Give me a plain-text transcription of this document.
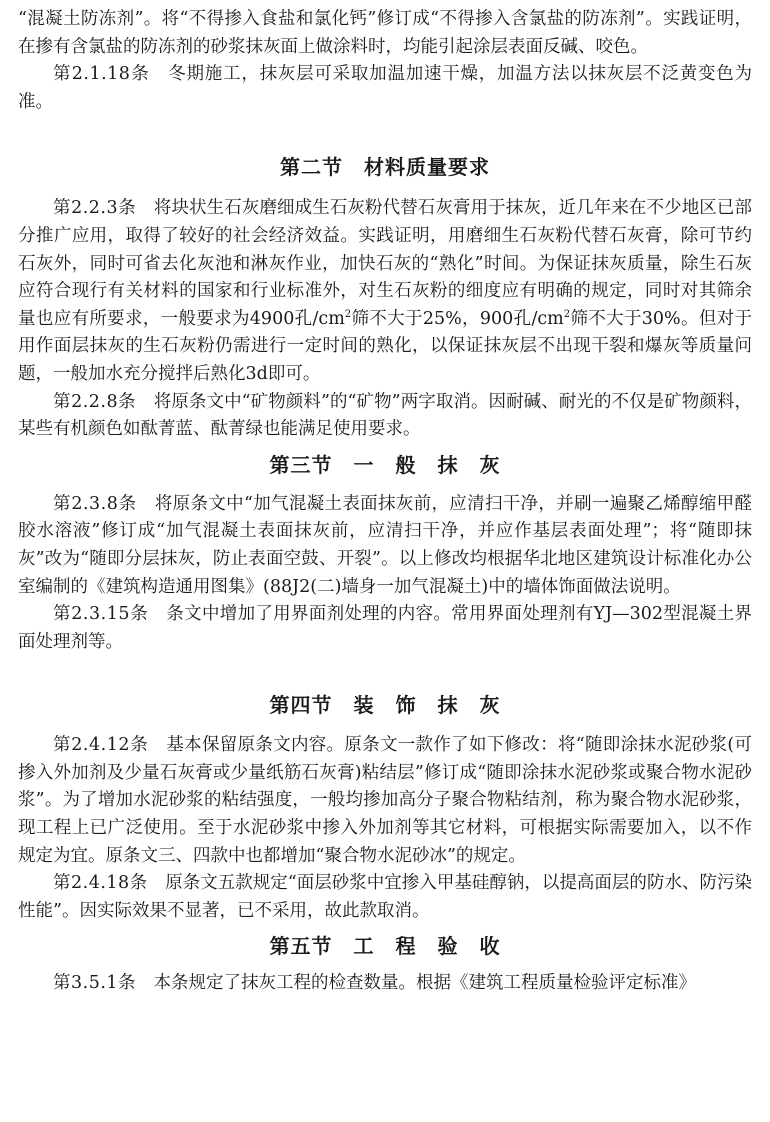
“混凝土防冻剂”。将“不得掺入食盐和氯化钙”修订成“不得掺入含氯盐的防冻剂”。实践证明，在掺有含氯盐的防冻剂的砂浆抹灰面上做涂料时，均能引起涂层表面反碱、咬色。

第2.1.18条　 冬期施工，抹灰层可采取加温加速干燥，加温方法以抹灰层不泛黄变色为准。

第二节　材料质量要求

第2.2.3条　 将块状生石灰磨细成生石灰粉代替石灰膏用于抹灰，近几年来在不少地区已部分推广应用，取得了较好的社会经济效益。实践证明，用磨细生石灰粉代替石灰膏，除可节约石灰外，同时可省去化灰池和淋灰作业，加快石灰的“熟化”时间。为保证抹灰质量，除生石灰应符合现行有关材料的国家和行业标准外，对生石灰粉的细度应有明确的规定，同时对其筛余量也应有所要求，一般要求为4900孔$/cm^2$筛不大于25%，900孔$/cm^2$筛不大于30%。但对于用作面层抹灰的生石灰粉仍需进行一定时间的熟化，以保证抹灰层不出现干裂和爆灰等质量问题，一般加水充分搅拌后熟化3d即可。

第2.2.8条　 将原条文中“矿物颜料”的“矿物”两字取消。因耐碱、耐光的不仅是矿物颜料，某些有机颜色如酞菁蓝、酞菁绿也能满足使用要求。

第三节　一　般　抹　灰

第2.3.8条　 将原条文中“加气混凝土表面抹灰前，应清扫干净，并刷一遍聚乙烯醇缩甲醛胶水溶液”修订成“加气混凝土表面抹灰前，应清扫干净，并应作基层表面处理”；将“随即抹灰”改为“随即分层抹灰，防止表面空鼓、开裂”。以上修改均根据华北地区建筑设计标准化办公室编制的《建筑构造通用图集》(88J2(二)墙身一加气混凝土)中的墙体饰面做法说明。

第2.3.15条　 条文中增加了用界面剂处理的内容。常用界面处理剂有YJ—302型混凝土界面处理剂等。

第四节　装　饰　抹　灰

第2.4.12条　 基本保留原条文内容。原条文一款作了如下修改：将“随即涂抹水泥砂浆(可掺入外加剂及少量石灰膏或少量纸筋石灰膏)粘结层”修订成“随即涂抹水泥砂浆或聚合物水泥砂浆”。为了增加水泥砂浆的粘结强度，一般均掺加高分子聚合物粘结剂，称为聚合物水泥砂浆，现工程上已广泛使用。至于水泥砂浆中掺入外加剂等其它材料，可根据实际需要加入，以不作规定为宜。原条文三、四款中也都增加“聚合物水泥砂冰”的规定。

第2.4.18条　 原条文五款规定“面层砂浆中宜掺入甲基硅醇钠，以提高面层的防水、防污染性能”。因实际效果不显著，已不采用，故此款取消。

第五节　工　程　验　收

第3.5.1条　 本条规定了抹灰工程的检查数量。根据《建筑工程质量检验评定标准》
